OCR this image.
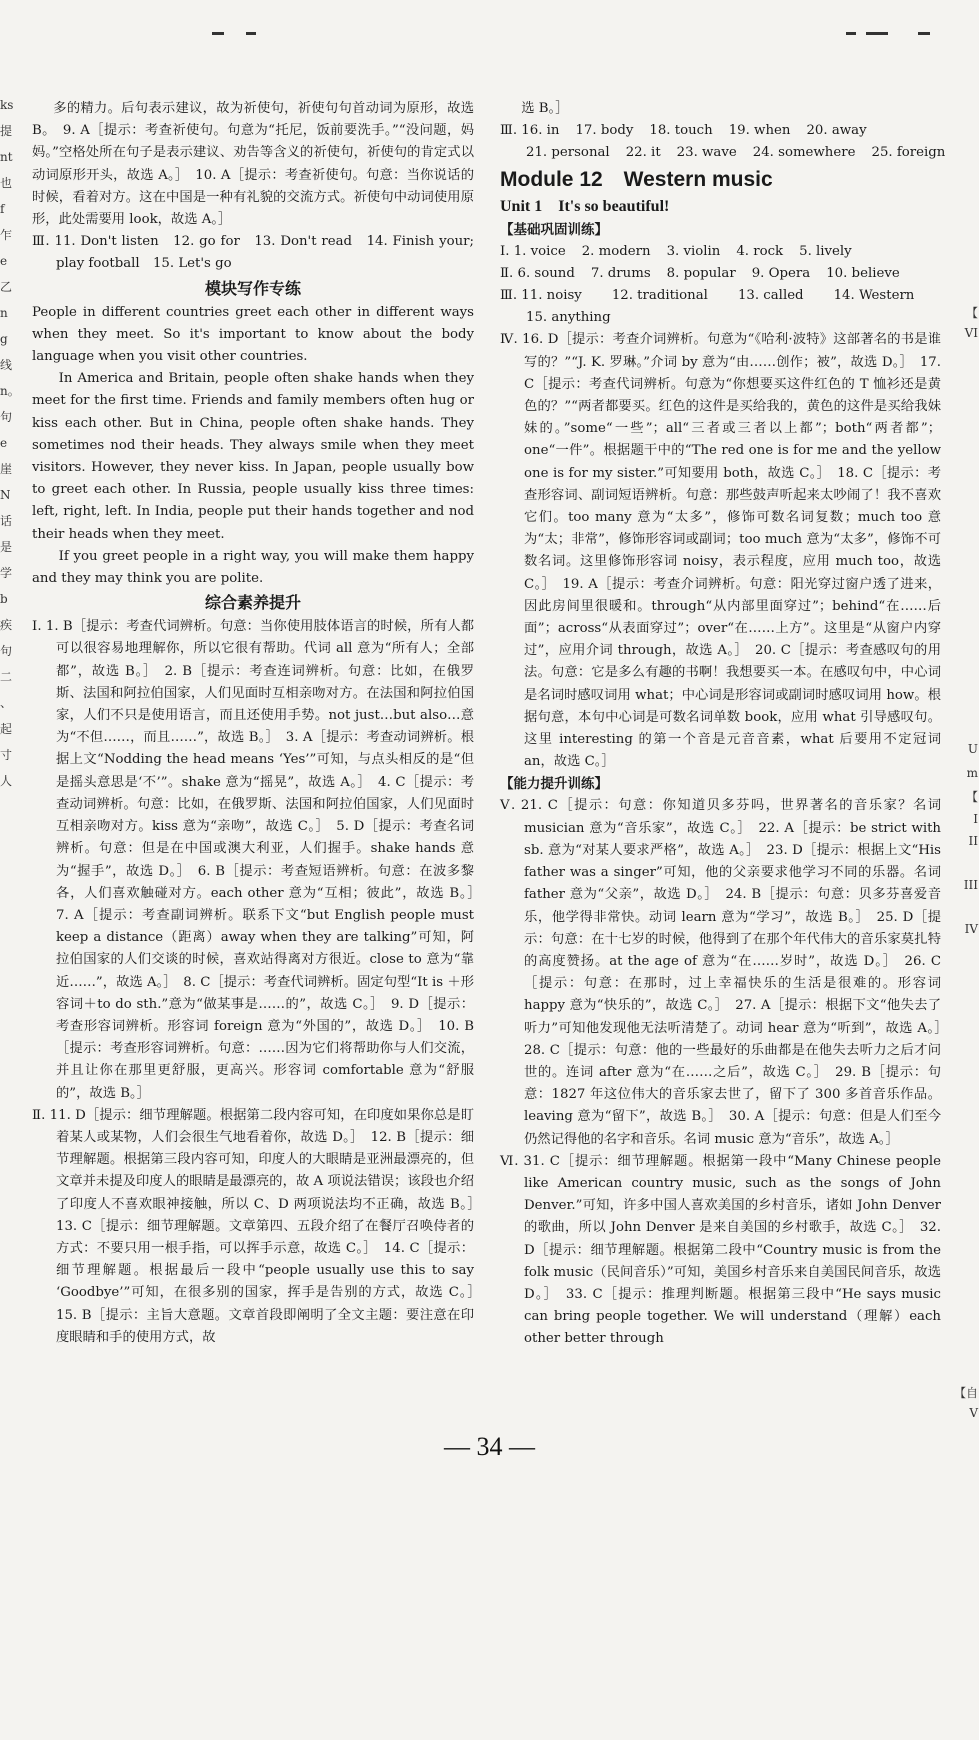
ks 提 nt 也 f 乍 e 乙 n g 线 n。 句 e 崖 N 话 是 学 b 疾 句 二 、 起 寸 人
【
VI
U
m
【
I
II
III
IV
【自
V

多的精力。后句表示建议，故为祈使句，祈使句句首动词为原形，故选 B。　9. A［提示：考查祈使句。句意为“托尼，饭前要洗手。”“没问题，妈妈。”空格处所在句子是表示建议、劝告等含义的祈使句，祈使句的肯定式以动词原形开头，故选 A。］　10. A［提示：考查祈使句。句意：当你说话的时候，看着对方。这在中国是一种有礼貌的交流方式。祈使句中动词使用原形，此处需要用 look，故选 A。］

Ⅲ. 11. Don't listen　12. go for　13. Don't read　14. Finish your; play football　15. Let's go

模块写作专练

People in different countries greet each other in different ways when they meet. So it's important to know about the body language when you visit other countries.

In America and Britain, people often shake hands when they meet for the first time. Friends and family members often hug or kiss each other. But in China, people often shake hands. They sometimes nod their heads. They always smile when they meet visitors. However, they never kiss. In Japan, people usually bow to greet each other. In Russia, people usually kiss three times: left, right, left. In India, people put their hands together and nod their heads when they meet.

If you greet people in a right way, you will make them happy and they may think you are polite.

综合素养提升

Ⅰ. 1. B［提示：考查代词辨析。句意：当你使用肢体语言的时候，所有人都可以很容易地理解你，所以它很有帮助。代词 all 意为“所有人；全部都”，故选 B。］　2. B［提示：考查连词辨析。句意：比如，在俄罗斯、法国和阿拉伯国家，人们见面时互相亲吻对方。在法国和阿拉伯国家，人们不只是使用语言，而且还使用手势。not just…but also…意为“不但……，而且……”，故选 B。］　3. A［提示：考查动词辨析。根据上文“Nodding the head means ‘Yes’”可知，与点头相反的是“但是摇头意思是‘不’”。shake 意为“摇晃”，故选 A。］　4. C［提示：考查动词辨析。句意：比如，在俄罗斯、法国和阿拉伯国家，人们见面时互相亲吻对方。kiss 意为“亲吻”，故选 C。］　5. D［提示：考查名词辨析。句意：但是在中国或澳大利亚，人们握手。shake hands 意为“握手”，故选 D。］　6. B［提示：考查短语辨析。句意：在波多黎各，人们喜欢触碰对方。each other 意为“互相；彼此”，故选 B。］　7. A［提示：考查副词辨析。联系下文“but English people must keep a distance（距离）away when they are talking”可知，阿拉伯国家的人们交谈的时候，喜欢站得离对方很近。close to 意为“靠近……”，故选 A。］　8. C［提示：考查代词辨析。固定句型“It is ＋形容词＋to do sth.”意为“做某事是……的”，故选 C。］　9. D［提示：考查形容词辨析。形容词 foreign 意为“外国的”，故选 D。］　10. B［提示：考查形容词辨析。句意：……因为它们将帮助你与人们交流，并且让你在那里更舒服，更高兴。形容词 comfortable 意为“舒服的”，故选 B。］

Ⅱ. 11. D［提示：细节理解题。根据第二段内容可知，在印度如果你总是盯着某人或某物，人们会很生气地看着你，故选 D。］　12. B［提示：细节理解题。根据第三段内容可知，印度人的大眼睛是亚洲最漂亮的，但文章并未提及印度人的眼睛是最漂亮的，故 A 项说法错误；该段也介绍了印度人不喜欢眼神接触，所以 C、D 两项说法均不正确，故选 B。］　13. C［提示：细节理解题。文章第四、五段介绍了在餐厅召唤侍者的方式：不要只用一根手指，可以挥手示意，故选 C。］　14. C［提示：细节理解题。根据最后一段中“people usually use this to say ‘Goodbye’”可知，在很多别的国家，挥手是告别的方式，故选 C。］　15. B［提示：主旨大意题。文章首段即阐明了全文主题：要注意在印度眼睛和手的使用方式，故

选 B。］

Ⅲ. 16. in 17. body 18. touch 19. when 20. away
21. personal 22. it 23. wave 24. somewhere 25. foreign

Module 12　Western music

Unit 1　It's so beautiful!

【基础巩固训练】

Ⅰ. 1. voice 2. modern 3. violin 4. rock 5. lively
Ⅱ. 6. sound 7. drums 8. popular 9. Opera 10. believe
Ⅲ. 11. noisy 12. traditional 13. called 14. Western

15. anything

Ⅳ. 16. D［提示：考查介词辨析。句意为“《哈利·波特》这部著名的书是谁写的？”“J. K. 罗琳。”介词 by 意为“由……创作；被”，故选 D。］　17. C［提示：考查代词辨析。句意为“你想要买这件红色的 T 恤衫还是黄色的？”“两者都要买。红色的这件是买给我的，黄色的这件是买给我妹妹的。”some“一些”；all“三者或三者以上都”；both“两者都”；one“一件”。根据题干中的“The red one is for me and the yellow one is for my sister.”可知要用 both，故选 C。］　18. C［提示：考查形容词、副词短语辨析。句意：那些鼓声听起来太吵闹了！我不喜欢它们。too many 意为“太多”，修饰可数名词复数；much too 意为“太；非常”，修饰形容词或副词；too much 意为“太多”，修饰不可数名词。这里修饰形容词 noisy，表示程度，应用 much too，故选 C。］　19. A［提示：考查介词辨析。句意：阳光穿过窗户透了进来，因此房间里很暖和。through“从内部里面穿过”；behind“在……后面”；across“从表面穿过”；over“在……上方”。这里是“从窗户内穿过”，应用介词 through，故选 A。］　20. C［提示：考查感叹句的用法。句意：它是多么有趣的书啊！我想要买一本。在感叹句中，中心词是名词时感叹词用 what；中心词是形容词或副词时感叹词用 how。根据句意，本句中心词是可数名词单数 book，应用 what 引导感叹句。这里 interesting 的第一个音是元音音素，what 后要用不定冠词 an，故选 C。］

【能力提升训练】

Ⅴ. 21. C［提示：句意：你知道贝多芬吗，世界著名的音乐家？名词 musician 意为“音乐家”，故选 C。］　22. A［提示：be strict with sb. 意为“对某人要求严格”，故选 A。］　23. D［提示：根据上文“His father was a singer”可知，他的父亲要求他学习不同的乐器。名词 father 意为“父亲”，故选 D。］　24. B［提示：句意：贝多芬喜爱音乐，他学得非常快。动词 learn 意为“学习”，故选 B。］　25. D［提示：句意：在十七岁的时候，他得到了在那个年代伟大的音乐家莫扎特的高度赞扬。at the age of 意为“在……岁时”，故选 D。］　26. C［提示：句意：在那时，过上幸福快乐的生活是很难的。形容词 happy 意为“快乐的”，故选 C。］　27. A［提示：根据下文“他失去了听力”可知他发现他无法听清楚了。动词 hear 意为“听到”，故选 A。］　28. C［提示：句意：他的一些最好的乐曲都是在他失去听力之后才问世的。连词 after 意为“在……之后”，故选 C。］　29. B［提示：句意：1827 年这位伟大的音乐家去世了，留下了 300 多首音乐作品。leaving 意为“留下”，故选 B。］　30. A［提示：句意：但是人们至今仍然记得他的名字和音乐。名词 music 意为“音乐”，故选 A。］

Ⅵ. 31. C［提示：细节理解题。根据第一段中“Many Chinese people like American country music, such as the songs of John Denver.”可知，许多中国人喜欢美国的乡村音乐，诸如 John Denver 的歌曲，所以 John Denver 是来自美国的乡村歌手，故选 C。］　32. D［提示：细节理解题。根据第二段中“Country music is from the folk music（民间音乐）”可知，美国乡村音乐来自美国民间音乐，故选 D。］　33. C［提示：推理判断题。根据第三段中“He says music can bring people together. We will understand（理解）each other better through

— 34 —
